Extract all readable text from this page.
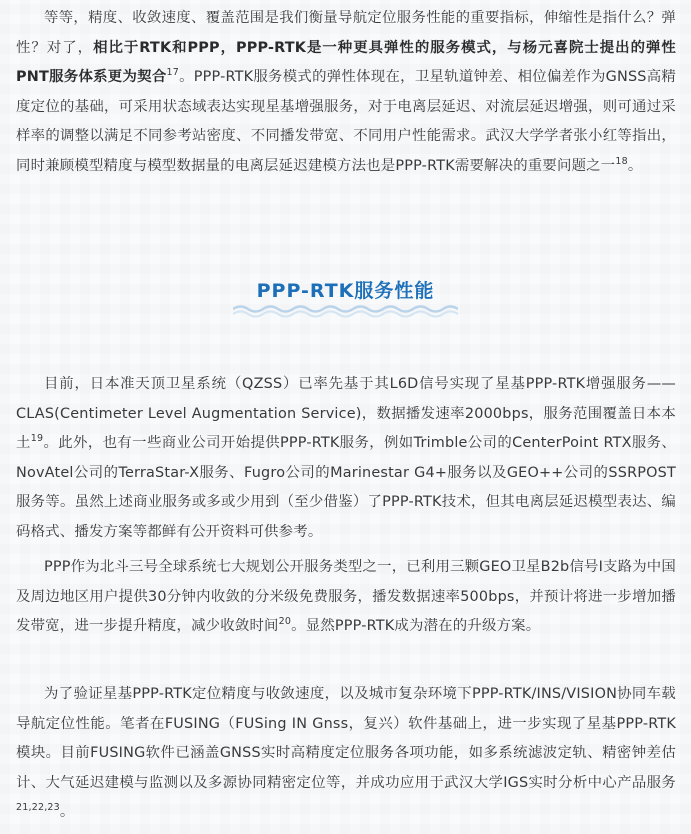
等等，精度、收敛速度、覆盖范围是我们衡量导航定位服务性能的重要指标，伸缩性是指什么？弹性？对了，相比于RTK和PPP，PPP-RTK是一种更具弹性的服务模式，与杨元喜院士提出的弹性PNT服务体系更为契合$^{17}$。PPP-RTK服务模式的弹性体现在，卫星轨道钟差、相位偏差作为GNSS高精度定位的基础，可采用状态域表达实现星基增强服务，对于电离层延迟、对流层延迟增强，则可通过采样率的调整以满足不同参考站密度、不同播发带宽、不同用户性能需求。武汉大学学者张小红等指出，同时兼顾模型精度与模型数据量的电离层延迟建模方法也是PPP-RTK需要解决的重要问题之一$^{18}$。

PPP-RTK服务性能

目前，日本准天顶卫星系统（QZSS）已率先基于其L6D信号实现了星基PPP-RTK增强服务——CLAS(Centimeter Level Augmentation Service)，数据播发速率2000bps，服务范围覆盖日本本土$^{19}$。此外，也有一些商业公司开始提供PPP-RTK服务，例如Trimble公司的CenterPoint RTX服务、NovAtel公司的TerraStar-X服务、Fugro公司的Marinestar G4+服务以及GEO++公司的SSRPOST服务等。虽然上述商业服务或多或少用到（至少借鉴）了PPP-RTK技术，但其电离层延迟模型表达、编码格式、播发方案等都鲜有公开资料可供参考。

PPP作为北斗三号全球系统七大规划公开服务类型之一，已利用三颗GEO卫星B2b信号I支路为中国及周边地区用户提供30分钟内收敛的分米级免费服务，播发数据速率500bps，并预计将进一步增加播发带宽，进一步提升精度，减少收敛时间$^{20}$。显然PPP-RTK成为潜在的升级方案。

为了验证星基PPP-RTK定位精度与收敛速度，以及城市复杂环境下PPP-RTK/INS/VISION协同车载导航定位性能。笔者在FUSING（FUSing IN Gnss，复兴）软件基础上，进一步实现了星基PPP-RTK模块。目前FUSING软件已涵盖GNSS实时高精度定位服务各项功能，如多系统滤波定轨、精密钟差估计、大气延迟建模与监测以及多源协同精密定位等，并成功应用于武汉大学IGS实时分析中心产品服务$^{21,22,23}$。
